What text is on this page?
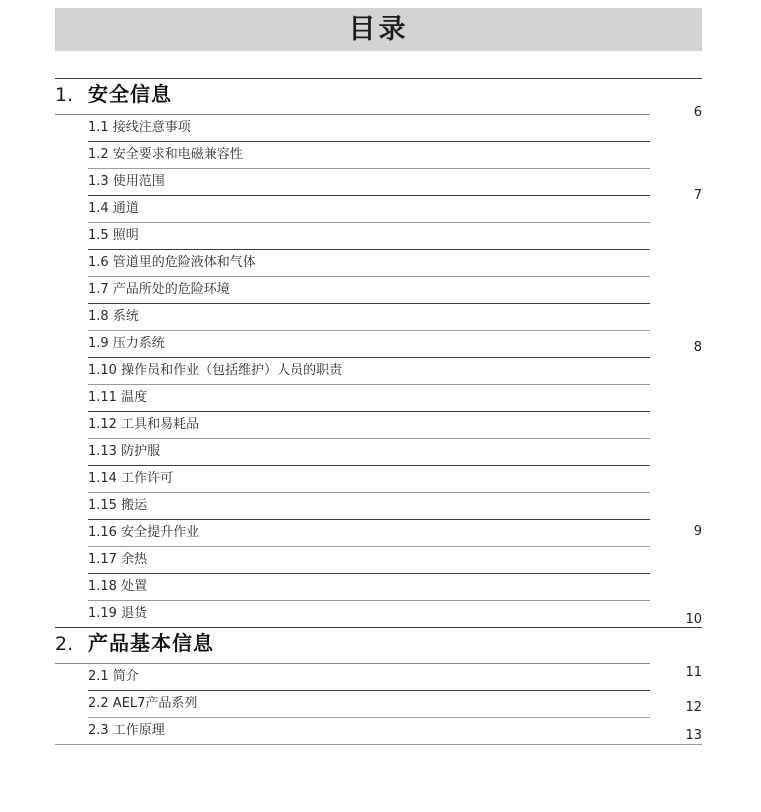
目录
1. 安全信息
1.1 接线注意事项
1.2 安全要求和电磁兼容性
1.3 使用范围
1.4 通道
1.5 照明
1.6 管道里的危险液体和气体
1.7 产品所处的危险环境
1.8 系统
1.9 压力系统
1.10 操作员和作业（包括维护）人员的职责
1.11 温度
1.12 工具和易耗品
1.13 防护服
1.14 工作许可
1.15 搬运
1.16 安全提升作业
1.17 余热
1.18 处置
1.19 退货
2. 产品基本信息
2.1 简介
2.2 AEL7产品系列
2.3 工作原理
6
7
8
9
10
11
12
13
